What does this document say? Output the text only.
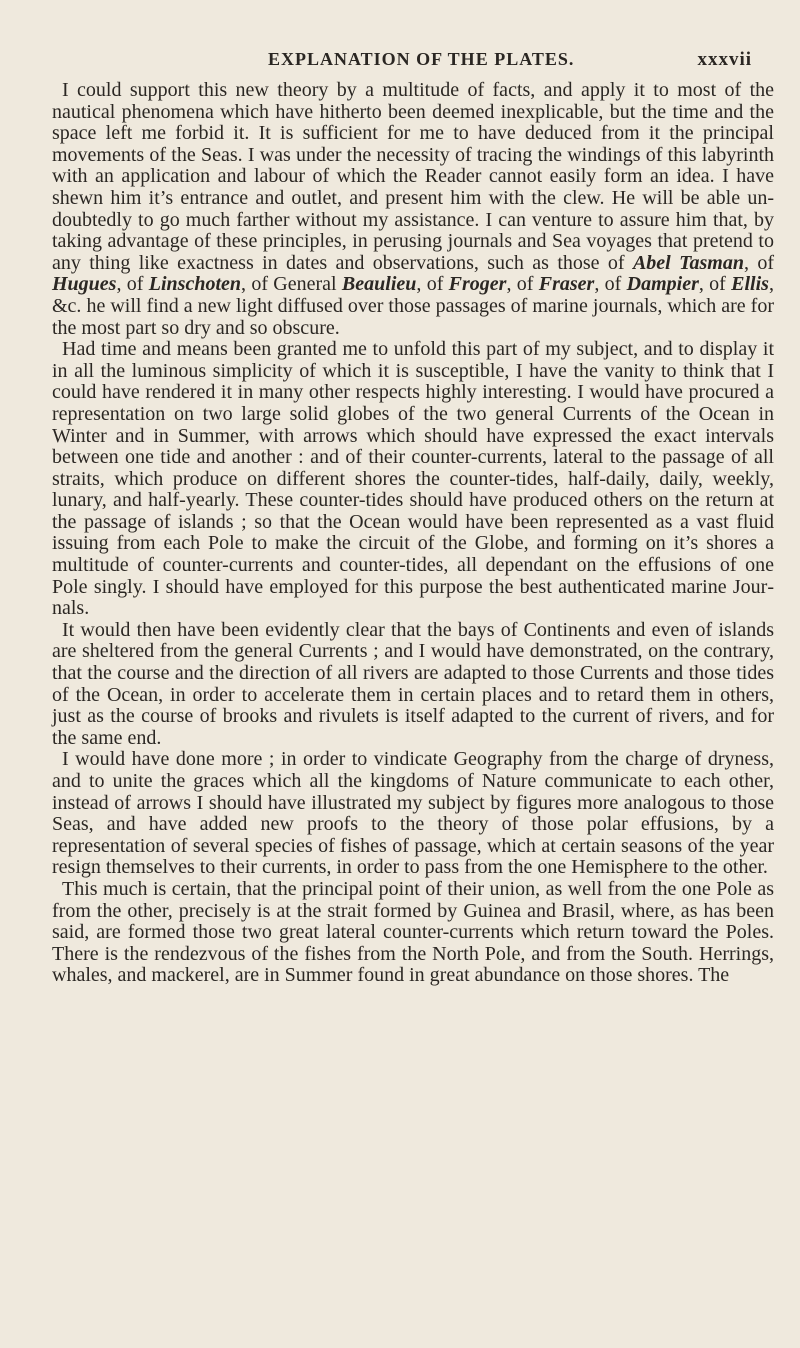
EXPLANATION OF THE PLATES.	xxxvii

I could support this new theory by a multitude of facts, and apply it to most of the nautical phenomena which have hitherto been deemed inexplicable, but the time and the space left me forbid it. It is sufficient for me to have deduced from it the principal movements of the Seas. I was under the necessity of tracing the windings of this labyrinth with an application and labour of which the Reader cannot easily form an idea. I have shewn him it’s entrance and outlet, and present him with the clew. He will be able undoubtedly to go much farther without my assistance. I can venture to assure him that, by taking advantage of these principles, in perusing journals and Sea voyages that pretend to any thing like exactness in dates and observations, such as those of Abel Tasman, of Hugues, of Linschoten, of General Beaulieu, of Froger, of Fraser, of Dampier, of Ellis, &c. he will find a new light diffused over those passages of marine journals, which are for the most part so dry and so obscure.

Had time and means been granted me to unfold this part of my subject, and to display it in all the luminous simplicity of which it is susceptible, I have the vanity to think that I could have rendered it in many other respects highly interesting. I would have procured a representation on two large solid globes of the two general Currents of the Ocean in Winter and in Summer, with arrows which should have expressed the exact intervals between one tide and another : and of their counter-currents, lateral to the passage of all straits, which produce on different shores the counter-tides, half-daily, daily, weekly, lunary, and half-yearly. These counter-tides should have produced others on the return at the passage of islands ; so that the Ocean would have been represented as a vast fluid issuing from each Pole to make the circuit of the Globe, and forming on it’s shores a multitude of counter-currents and counter-tides, all dependant on the effusions of one Pole singly. I should have employed for this purpose the best authenticated marine Journals.

It would then have been evidently clear that the bays of Continents and even of islands are sheltered from the general Currents ; and I would have demonstrated, on the contrary, that the course and the direction of all rivers are adapted to those Currents and those tides of the Ocean, in order to accelerate them in certain places and to retard them in others, just as the course of brooks and rivulets is itself adapted to the current of rivers, and for the same end.

I would have done more ; in order to vindicate Geography from the charge of dryness, and to unite the graces which all the kingdoms of Nature communicate to each other, instead of arrows I should have illustrated my subject by figures more analogous to those Seas, and have added new proofs to the theory of those polar effusions, by a representation of several species of fishes of passage, which at certain seasons of the year resign themselves to their currents, in order to pass from the one Hemisphere to the other.

This much is certain, that the principal point of their union, as well from the one Pole as from the other, precisely is at the strait formed by Guinea and Brasil, where, as has been said, are formed those two great lateral counter-currents which return toward the Poles. There is the rendezvous of the fishes from the North Pole, and from the South. Herrings, whales, and mackerel, are in Summer found in great abundance on those shores. The
